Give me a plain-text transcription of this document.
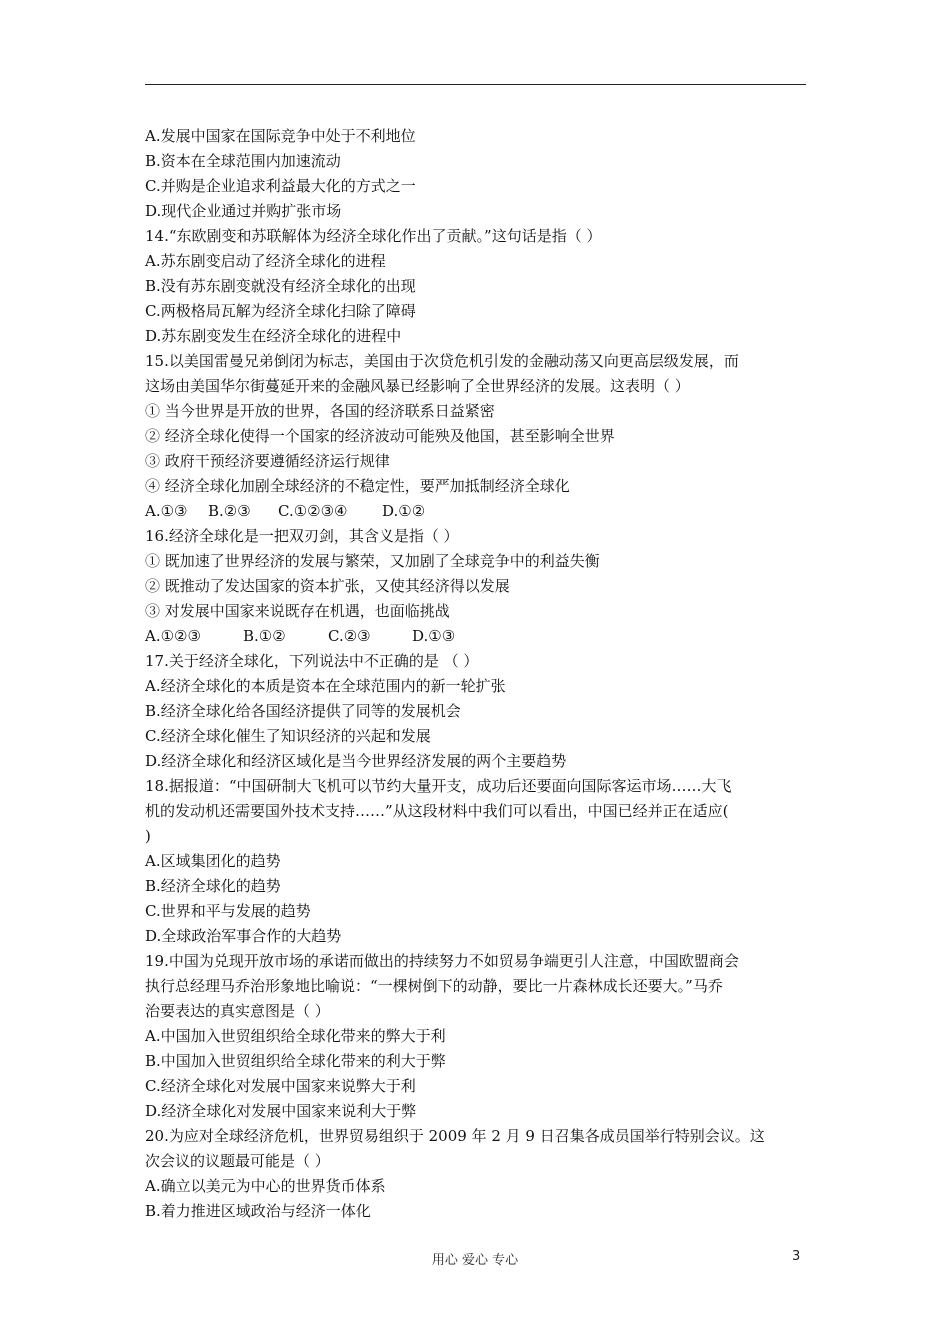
A.发展中国家在国际竞争中处于不利地位
B.资本在全球范围内加速流动
C.并购是企业追求利益最大化的方式之一
D.现代企业通过并购扩张市场
14.“东欧剧变和苏联解体为经济全球化作出了贡献。”这句话是指（ ）
A.苏东剧变启动了经济全球化的进程
B.没有苏东剧变就没有经济全球化的出现
C.两极格局瓦解为经济全球化扫除了障碍
D.苏东剧变发生在经济全球化的进程中
15.以美国雷曼兄弟倒闭为标志，美国由于次贷危机引发的金融动荡又向更高层级发展，而
这场由美国华尔街蔓延开来的金融风暴已经影响了全世界经济的发展。这表明（ ）
① 当今世界是开放的世界，各国的经济联系日益紧密
② 经济全球化使得一个国家的经济波动可能殃及他国，甚至影响全世界
③ 政府干预经济要遵循经济运行规律
④ 经济全球化加剧全球经济的不稳定性，要严加抵制经济全球化
A.①③	B.②③	C.①②③④	D.①②
16.经济全球化是一把双刃剑，其含义是指（ ）
① 既加速了世界经济的发展与繁荣，又加剧了全球竞争中的利益失衡
② 既推动了发达国家的资本扩张，又使其经济得以发展
③ 对发展中国家来说既存在机遇，也面临挑战
A.①②③	B.①②	C.②③	D.①③
17.关于经济全球化，下列说法中不正确的是 （ ）
A.经济全球化的本质是资本在全球范围内的新一轮扩张
B.经济全球化给各国经济提供了同等的发展机会
C.经济全球化催生了知识经济的兴起和发展
D.经济全球化和经济区域化是当今世界经济发展的两个主要趋势
18.据报道：“中国研制大飞机可以节约大量开支，成功后还要面向国际客运市场……大飞
机的发动机还需要国外技术支持……”从这段材料中我们可以看出，中国已经并正在适应(
)
A.区域集团化的趋势
B.经济全球化的趋势
C.世界和平与发展的趋势
D.全球政治军事合作的大趋势
19.中国为兑现开放市场的承诺而做出的持续努力不如贸易争端更引人注意，中国欧盟商会
执行总经理马乔治形象地比喻说：“一棵树倒下的动静，要比一片森林成长还要大。”马乔
治要表达的真实意图是（ ）
A.中国加入世贸组织给全球化带来的弊大于利
B.中国加入世贸组织给全球化带来的利大于弊
C.经济全球化对发展中国家来说弊大于利
D.经济全球化对发展中国家来说利大于弊
20.为应对全球经济危机，世界贸易组织于 2009 年 2 月 9 日召集各成员国举行特别会议。这
次会议的议题最可能是（ ）
A.确立以美元为中心的世界货币体系
B.着力推进区域政治与经济一体化
用心 爱心 专心	3
